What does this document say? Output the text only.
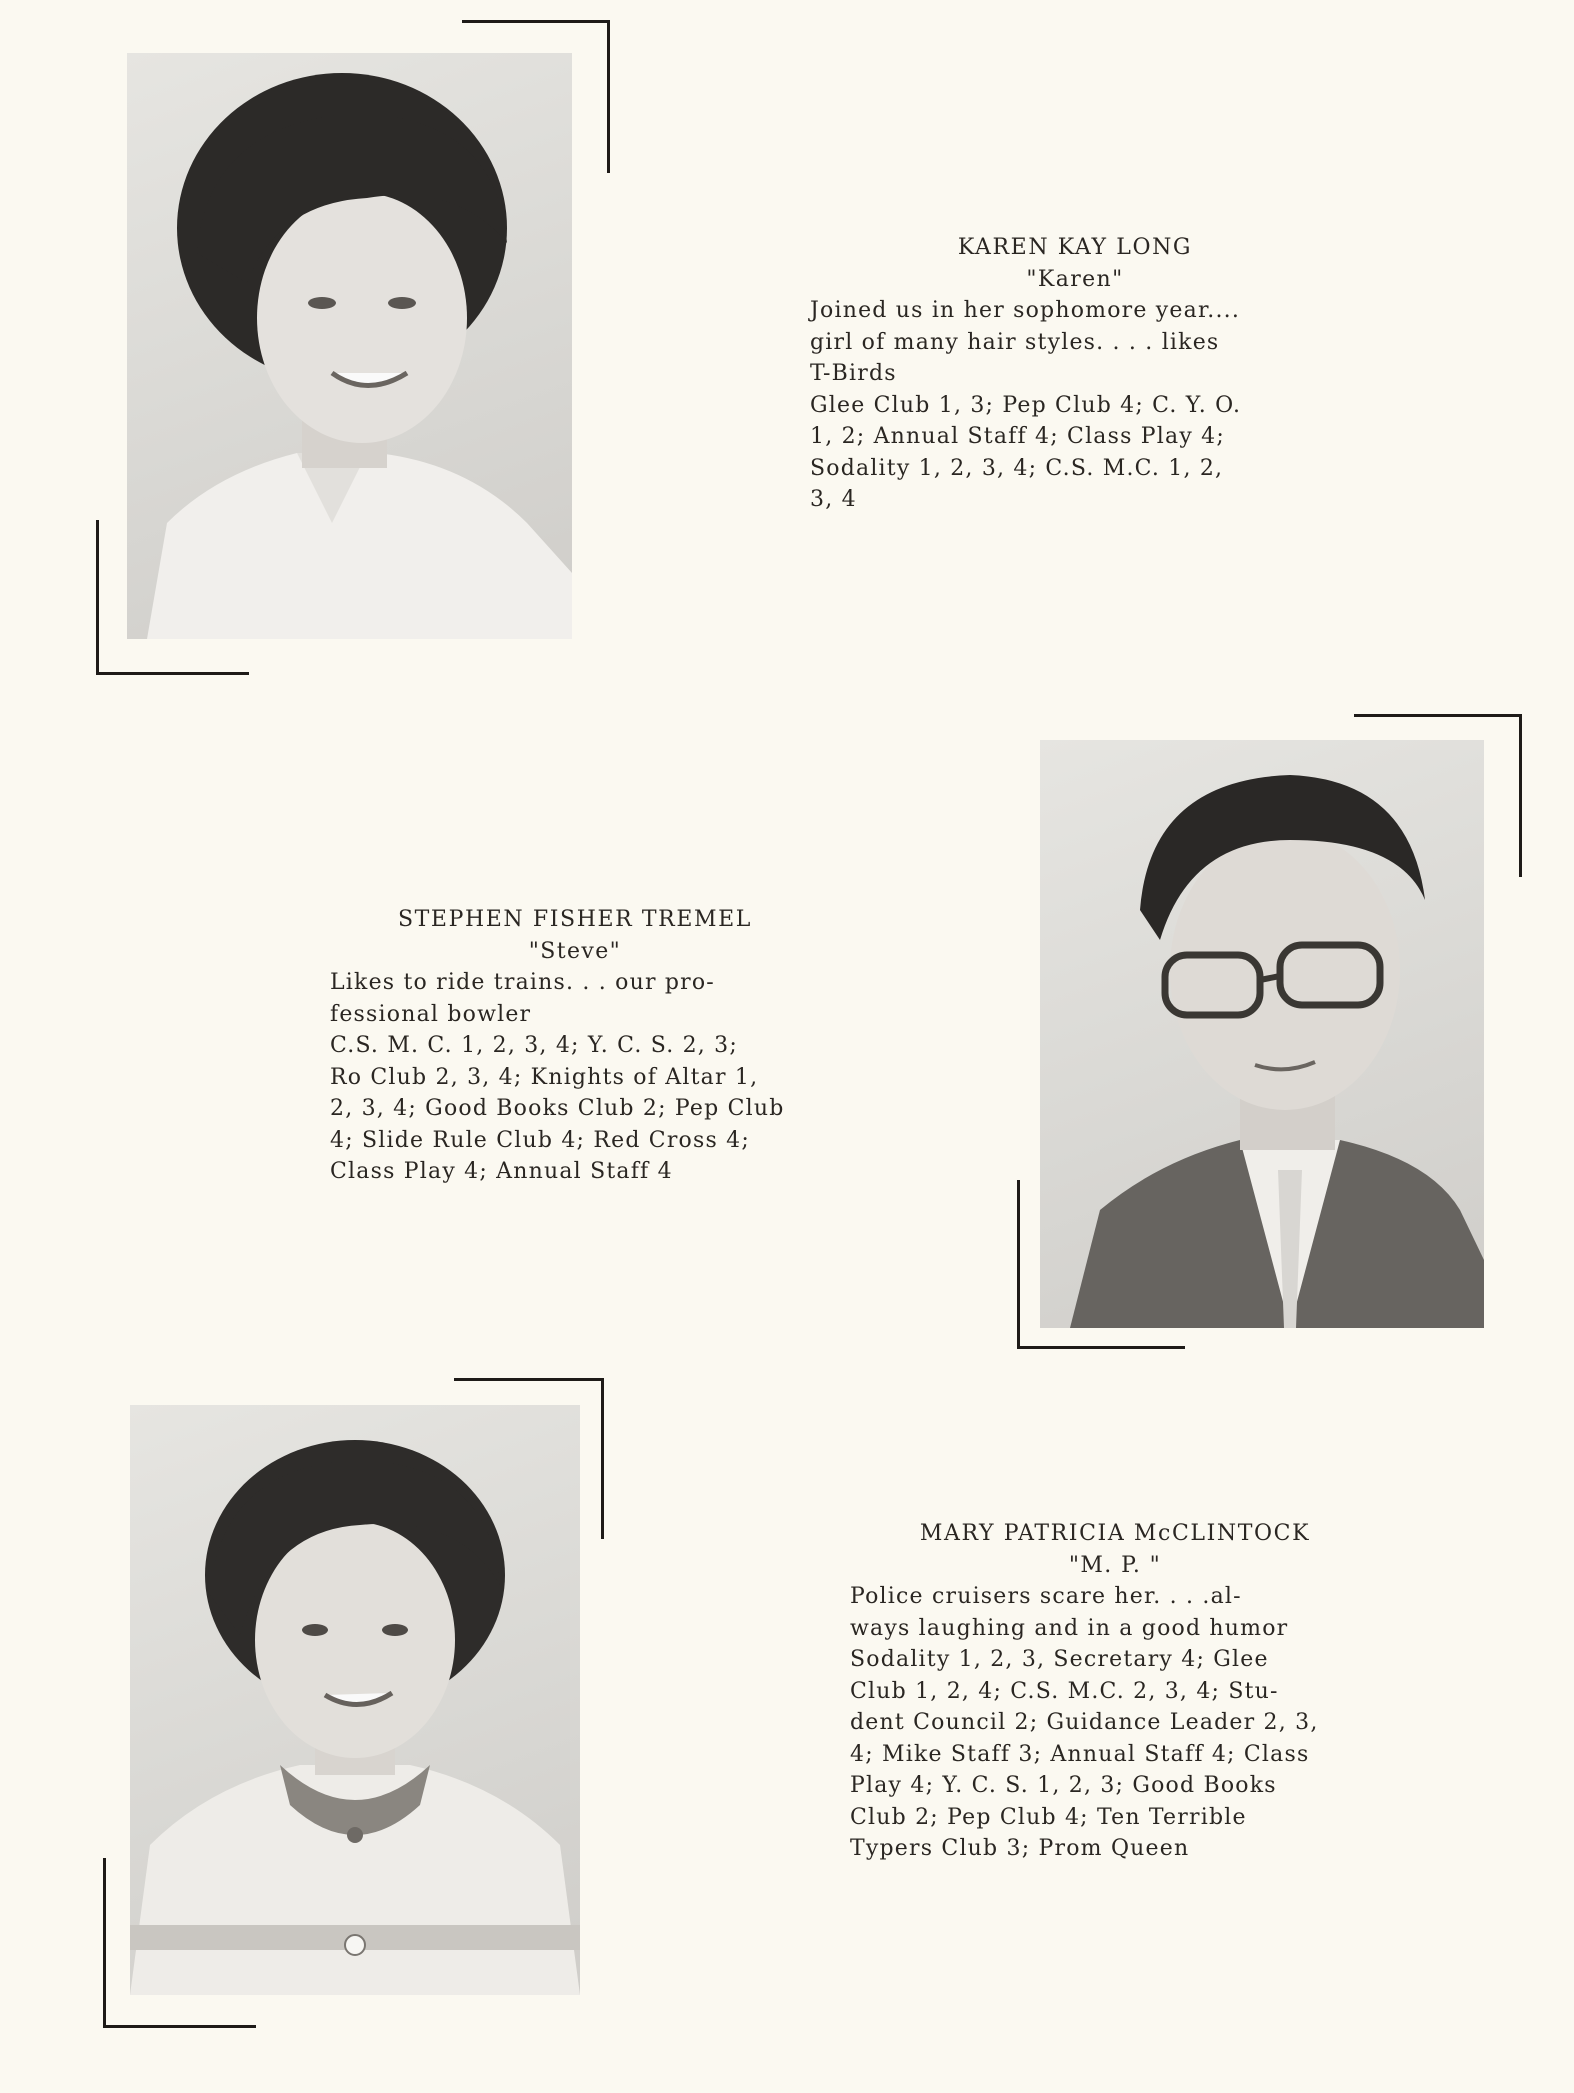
KAREN KAY LONG
"Karen"
Joined us in her sophomore year....
girl of many hair styles. . . . likes
T-Birds
Glee Club 1, 3; Pep Club 4; C. Y. O.
1, 2; Annual Staff 4; Class Play 4;
Sodality 1, 2, 3, 4; C.S. M.C. 1, 2,
3, 4
STEPHEN FISHER TREMEL
"Steve"
Likes to ride trains. . . our pro-
fessional bowler
C.S. M. C. 1, 2, 3, 4; Y. C. S. 2, 3;
Ro Club 2, 3, 4; Knights of Altar 1,
2, 3, 4; Good Books Club 2; Pep Club
4; Slide Rule Club 4; Red Cross 4;
Class Play 4; Annual Staff 4
MARY PATRICIA McCLINTOCK
"M. P. "
Police cruisers scare her. . . .al-
ways laughing and in a good humor
Sodality 1, 2, 3, Secretary 4; Glee
Club 1, 2, 4; C.S. M.C. 2, 3, 4; Stu-
dent Council 2; Guidance Leader 2, 3,
4; Mike Staff 3; Annual Staff 4; Class
Play 4; Y. C. S. 1, 2, 3; Good Books
Club 2; Pep Club 4; Ten Terrible
Typers Club 3; Prom Queen
